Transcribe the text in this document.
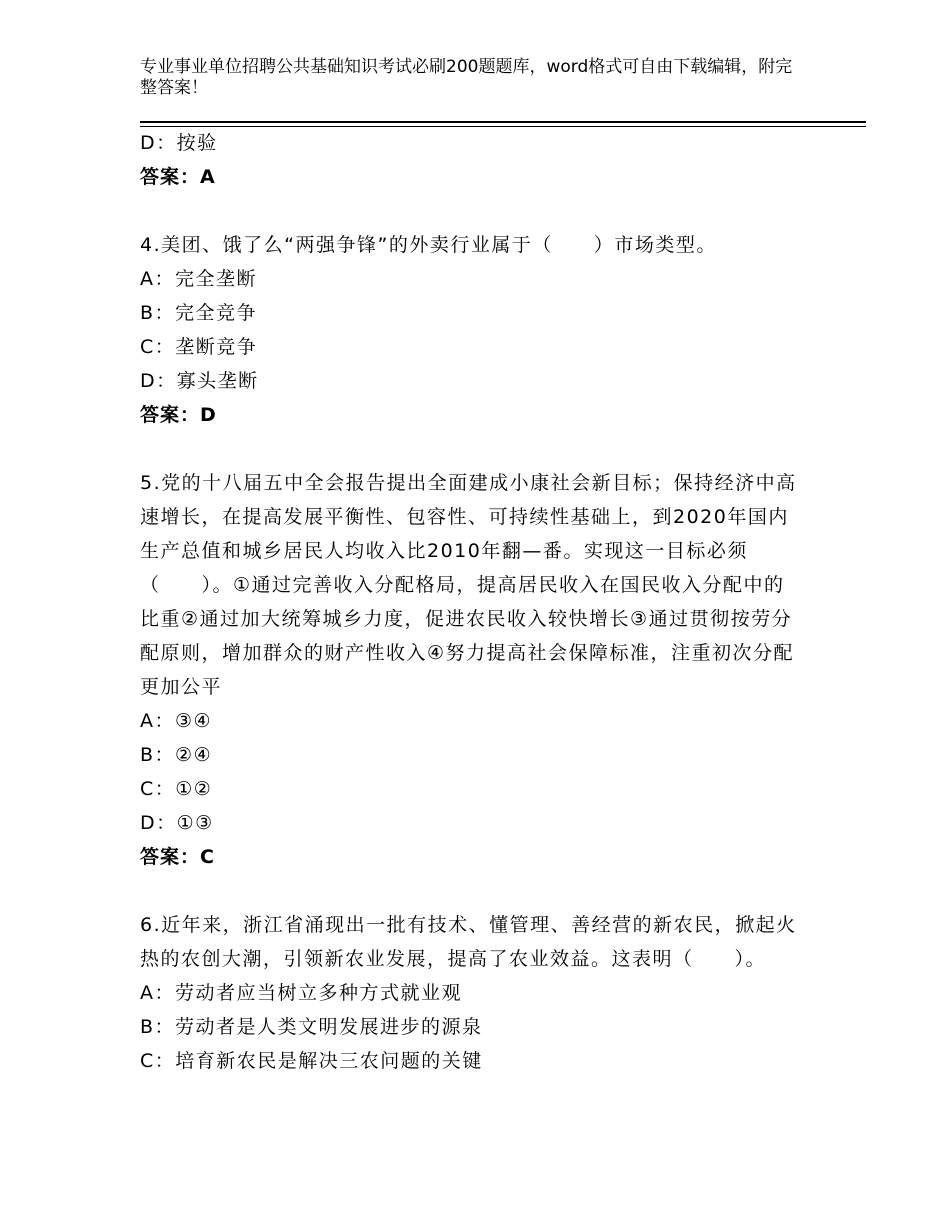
专业事业单位招聘公共基础知识考试必刷200题题库，word格式可自由下载编辑，附完整答案！
D：按验
答案：A
4.美团、饿了么“两强争锋”的外卖行业属于（　　）市场类型。
A：完全垄断
B：完全竞争
C：垄断竞争
D：寡头垄断
答案：D
5.党的十八届五中全会报告提出全面建成小康社会新目标；保持经济中高速增长，在提高发展平衡性、包容性、可持续性基础上，到2020年国内生产总值和城乡居民人均收入比2010年翻—番。实现这一目标必须（　　）。①通过完善收入分配格局，提高居民收入在国民收入分配中的比重②通过加大统筹城乡力度，促进农民收入较快增长③通过贯彻按劳分配原则，增加群众的财产性收入④努力提高社会保障标准，注重初次分配更加公平
A：③④
B：②④
C：①②
D：①③
答案：C
6.近年来，浙江省涌现出一批有技术、懂管理、善经营的新农民，掀起火热的农创大潮，引领新农业发展，提高了农业效益。这表明（　　）。
A：劳动者应当树立多种方式就业观
B：劳动者是人类文明发展进步的源泉
C：培育新农民是解决三农问题的关键
